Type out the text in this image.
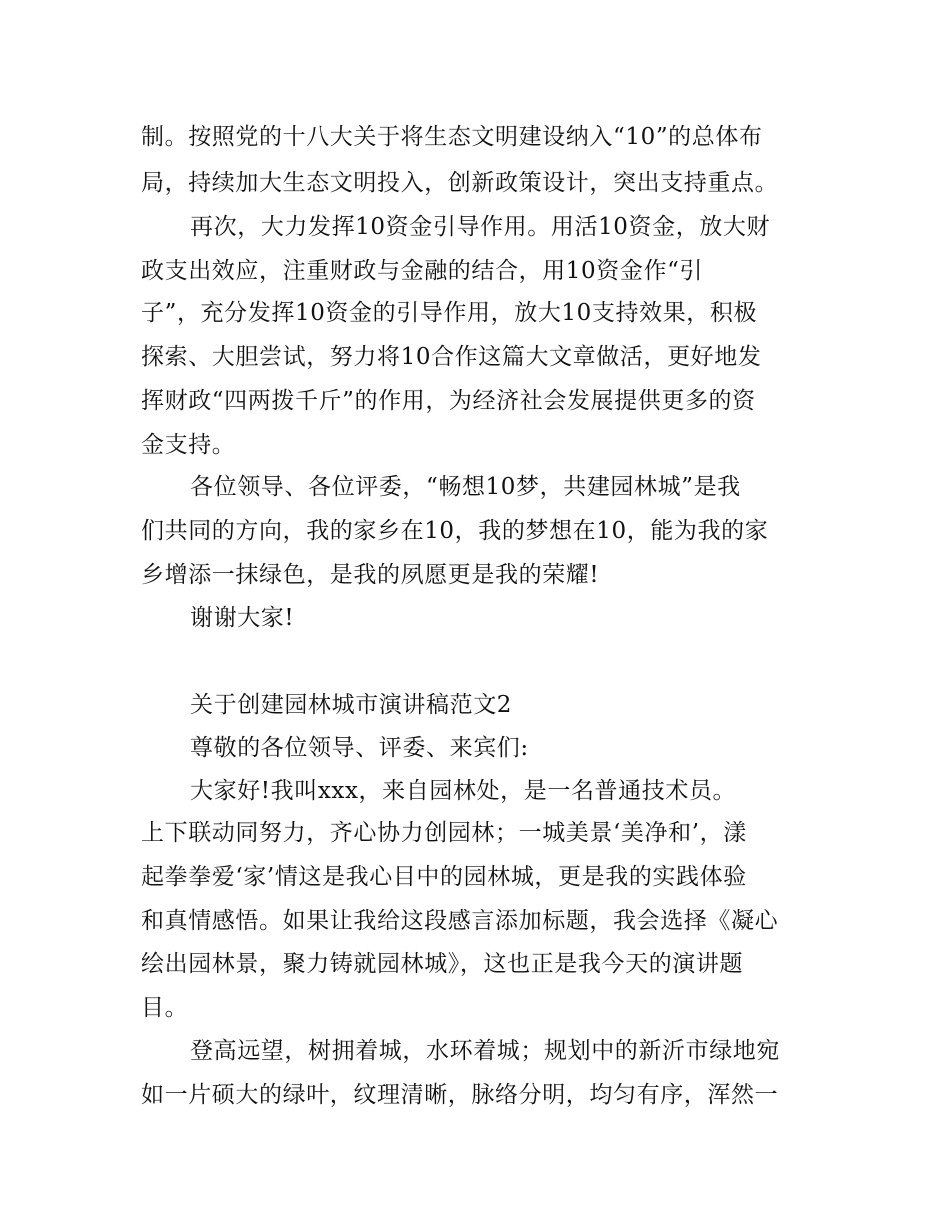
制。按照党的十八大关于将生态文明建设纳入“10”的总体布

局，持续加大生态文明投入，创新政策设计，突出支持重点。

再次，大力发挥10资金引导作用。用活10资金，放大财

政支出效应，注重财政与金融的结合，用10资金作“引

子”，充分发挥10资金的引导作用，放大10支持效果，积极

探索、大胆尝试，努力将10合作这篇大文章做活，更好地发

挥财政“四两拨千斤”的作用，为经济社会发展提供更多的资

金支持。

各位领导、各位评委，“畅想10梦，共建园林城”是我

们共同的方向，我的家乡在10，我的梦想在10，能为我的家

乡增添一抹绿色，是我的夙愿更是我的荣耀!

谢谢大家!

关于创建园林城市演讲稿范文2

尊敬的各位领导、评委、来宾们:

大家好!我叫xxx，来自园林处，是一名普通技术员。

上下联动同努力，齐心协力创园林；一城美景‘美净和’，漾

起拳拳爱‘家’情这是我心目中的园林城，更是我的实践体验

和真情感悟。如果让我给这段感言添加标题，我会选择《凝心

绘出园林景，聚力铸就园林城》，这也正是我今天的演讲题

目。

登高远望，树拥着城，水环着城；规划中的新沂市绿地宛

如一片硕大的绿叶，纹理清晰，脉络分明，均匀有序，浑然一
